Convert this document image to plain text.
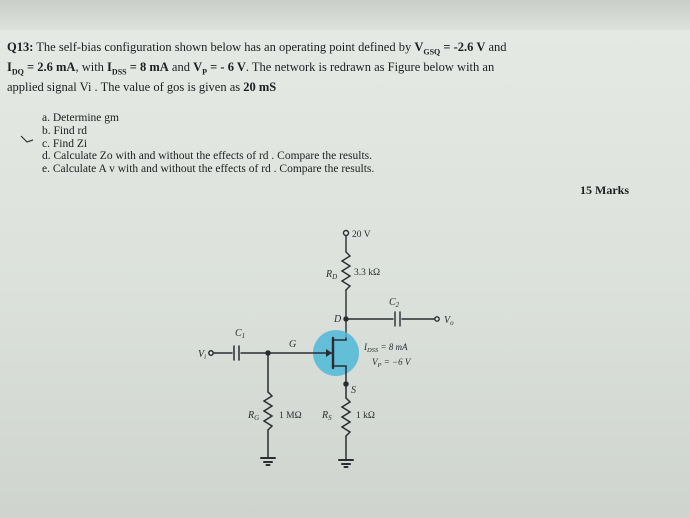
Q13: The self-bias configuration shown below has an operating point defined by $V_{GSQ} = -2.6$ V and
$I_{DQ} = 2.6$ mA, with $I_{DSS} = 8$ mA and $V_P$ = - 6 V. The network is redrawn as Figure below with an
applied signal Vi . The value of gos is given as 20 mS
a. Determine gm
b. Find rd
c. Find Zi
d. Calculate Zo with and without the effects of rd . Compare the results.
e. Calculate A v with and without the effects of rd . Compare the results.
15 Marks
20 V
$R_D$ 3.3 kΩ
$C_2$
$V_o$
D
G
S
$C_1$
$V_i$
$I_{DSS} = 8$ mA
$V_P = -6$ V
$R_G$ 1 MΩ $R_S$	1 kΩ
